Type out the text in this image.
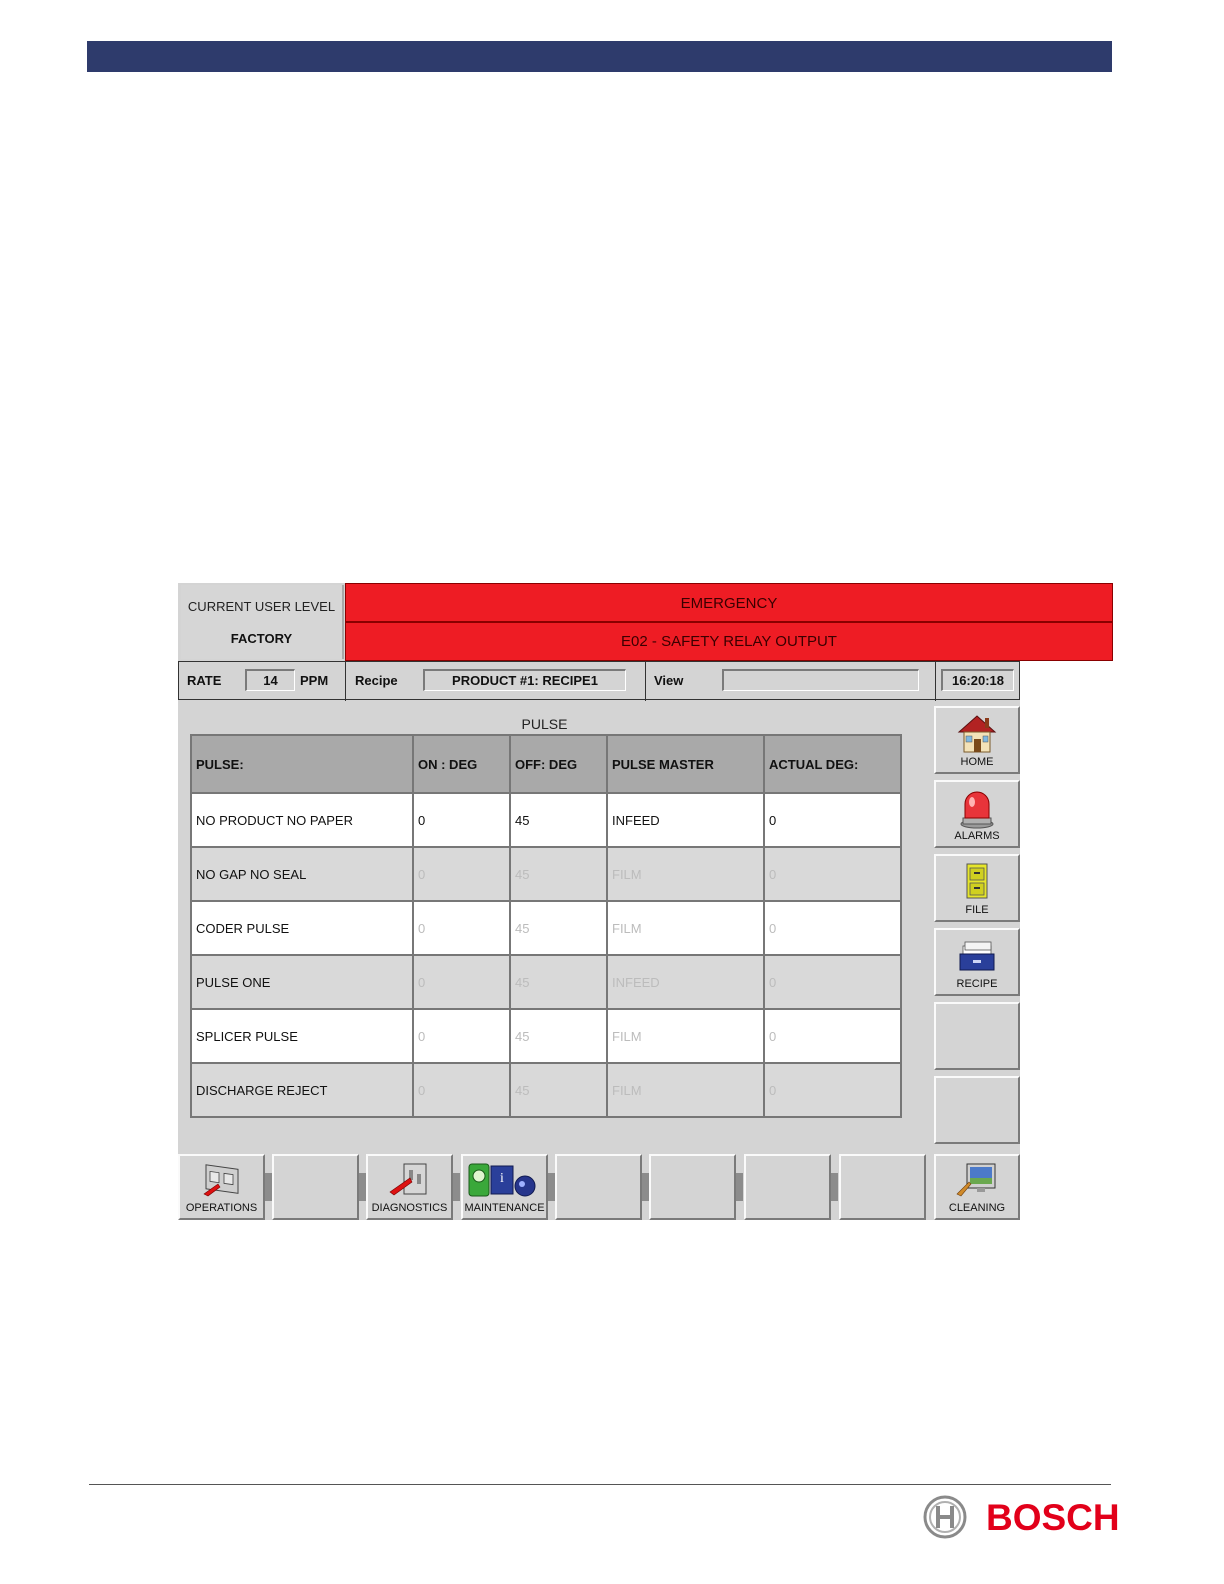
CURRENT USER LEVEL
FACTORY
EMERGENCY
E02 - SAFETY RELAY OUTPUT
RATE	14	PPM Recipe	PRODUCT #1: RECIPE1	View	16:20:18
PULSE
PULSE:	ON : DEG	OFF: DEG	PULSE MASTER	ACTUAL DEG:
NO PRODUCT NO PAPER	0	45	INFEED	0
NO GAP NO SEAL	0	45	FILM	0
CODER PULSE	0	45	FILM	0
PULSE ONE	0	45	INFEED	0
SPLICER PULSE	0	45	FILM	0
DISCHARGE REJECT	0	45	FILM	0
HOME
ALARMS
FILE
RECIPE
OPERATIONS	DIAGNOSTICS
i
MAINTENANCE	CLEANING
BOSCH
